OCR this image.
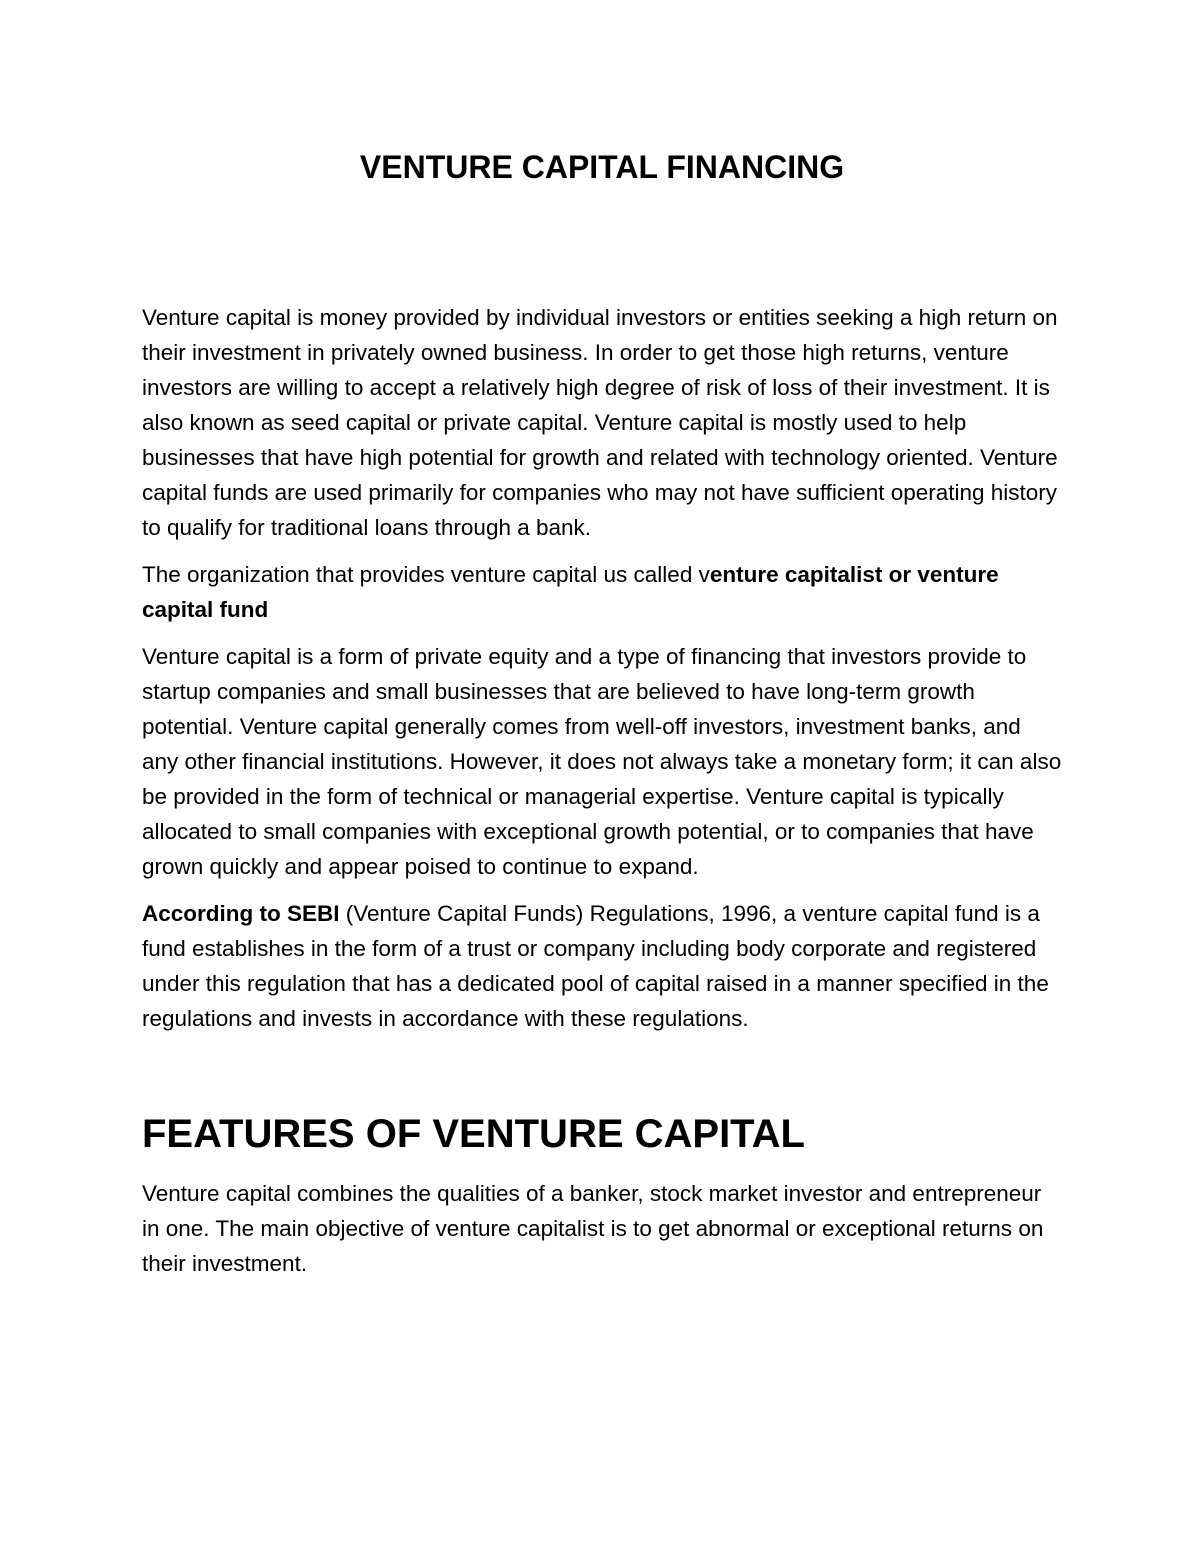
VENTURE CAPITAL FINANCING

Venture capital is money provided by individual investors or entities seeking a high return on their investment in privately owned business. In order to get those high returns, venture investors are willing to accept a relatively high degree of risk of loss of their investment. It is also known as seed capital or private capital. Venture capital is mostly used to help businesses that have high potential for growth and related with technology oriented. Venture capital funds are used primarily for companies who may not have sufficient operating history to qualify for traditional loans through a bank.

The organization that provides venture capital us called venture capitalist or venture capital fund

Venture capital is a form of private equity and a type of financing that investors provide to startup companies and small businesses that are believed to have long-term growth potential. Venture capital generally comes from well-off investors, investment banks, and any other financial institutions. However, it does not always take a monetary form; it can also be provided in the form of technical or managerial expertise. Venture capital is typically allocated to small companies with exceptional growth potential, or to companies that have grown quickly and appear poised to continue to expand.

According to SEBI (Venture Capital Funds) Regulations, 1996, a venture capital fund is a fund establishes in the form of a trust or company including body corporate and registered under this regulation that has a dedicated pool of capital raised in a manner specified in the regulations and invests in accordance with these regulations.

FEATURES OF VENTURE CAPITAL

Venture capital combines the qualities of a banker, stock market investor and entrepreneur in one. The main objective of venture capitalist is to get abnormal or exceptional returns on their investment.
